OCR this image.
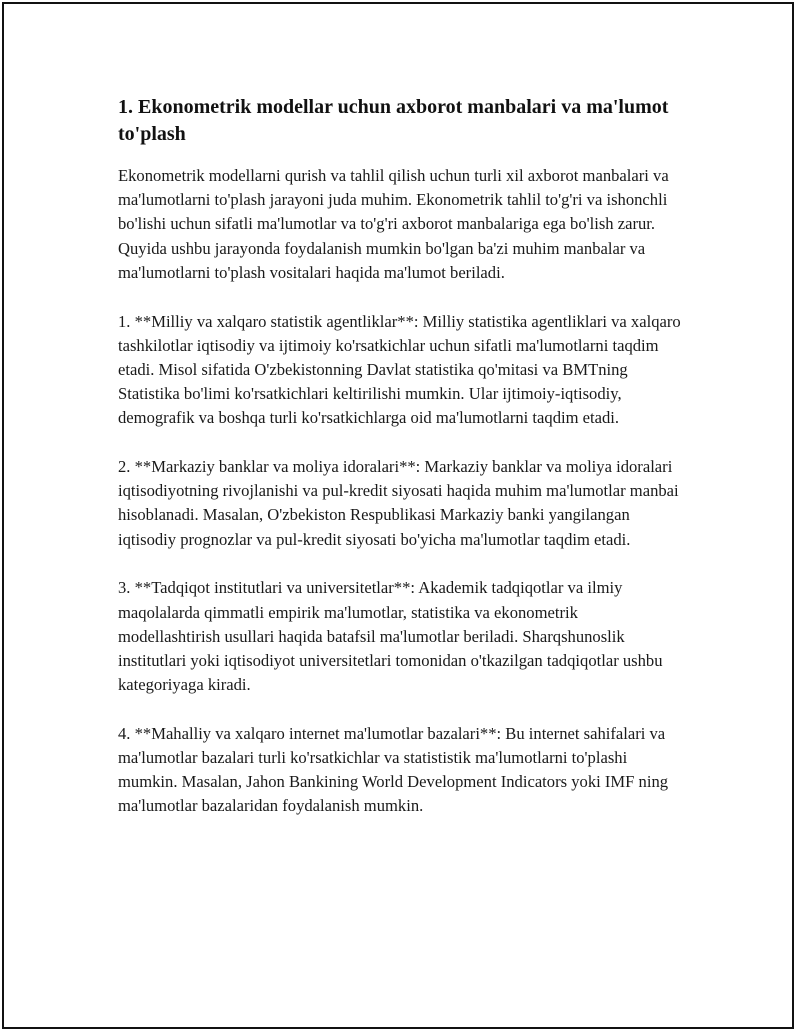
1. Ekonometrik modellar uchun axborot manbalari va ma'lumot to'plash

Ekonometrik modellarni qurish va tahlil qilish uchun turli xil axborot manbalari va ma'lumotlarni to'plash jarayoni juda muhim. Ekonometrik tahlil to'g'ri va ishonchli bo'lishi uchun sifatli ma'lumotlar va to'g'ri axborot manbalariga ega bo'lish zarur. Quyida ushbu jarayonda foydalanish mumkin bo'lgan ba'zi muhim manbalar va ma'lumotlarni to'plash vositalari haqida ma'lumot beriladi.

1. **Milliy va xalqaro statistik agentliklar**: Milliy statistika agentliklari va xalqaro tashkilotlar iqtisodiy va ijtimoiy ko'rsatkichlar uchun sifatli ma'lumotlarni taqdim etadi. Misol sifatida O'zbekistonning Davlat statistika qo'mitasi va BMTning Statistika bo'limi ko'rsatkichlari keltirilishi mumkin. Ular ijtimoiy-iqtisodiy, demografik va boshqa turli ko'rsatkichlarga oid ma'lumotlarni taqdim etadi.

2. **Markaziy banklar va moliya idoralari**: Markaziy banklar va moliya idoralari iqtisodiyotning rivojlanishi va pul-kredit siyosati haqida muhim ma'lumotlar manbai hisoblanadi. Masalan, O'zbekiston Respublikasi Markaziy banki yangilangan iqtisodiy prognozlar va pul-kredit siyosati bo'yicha ma'lumotlar taqdim etadi.

3. **Tadqiqot institutlari va universitetlar**: Akademik tadqiqotlar va ilmiy maqolalarda qimmatli empirik ma'lumotlar, statistika va ekonometrik modellashtirish usullari haqida batafsil ma'lumotlar beriladi. Sharqshunoslik institutlari yoki iqtisodiyot universitetlari tomonidan o'tkazilgan tadqiqotlar ushbu kategoriyaga kiradi.

4. **Mahalliy va xalqaro internet ma'lumotlar bazalari**: Bu internet sahifalari va ma'lumotlar bazalari turli ko'rsatkichlar va statististik ma'lumotlarni to'plashi mumkin. Masalan, Jahon Bankining World Development Indicators yoki IMF ning ma'lumotlar bazalaridan foydalanish mumkin.
